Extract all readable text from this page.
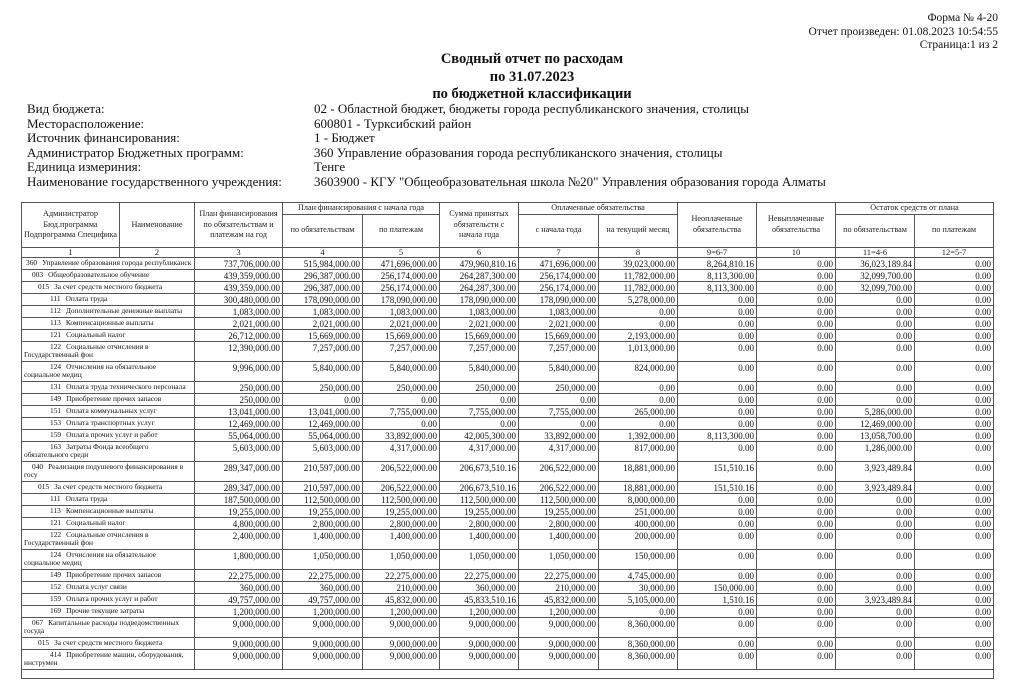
Форма № 4-20
Отчет произведен: 01.08.2023 10:54:55
Страница:1 из 2
Сводный отчет по расходам
по 31.07.2023
по бюджетной классификации
Вид бюджета:	02 - Областной бюджет, бюджеты города республиканского значения, столицы
Месторасположение:	600801 - Турксибский район
Источник финансирования:	1 - Бюджет
Администратор Бюджетных программ:	360 Управление образования города республиканского значения, столицы
Единица измериния:	Тенге
Наименование государственного учреждения:	3603900 - КГУ "Общеобразовательная школа №20" Управления образования города Алматы
Администратор Бюд.программа Подпрограмма Специфика	Наименование	План финансирования по обязательствам и платежам на год	План финансирования с начала года		Сумма принятых обязательсти с начала года	Оплаченные обязательства		Неоплаченные обязательства	Невыплаченные обязательства	Остаток средств от плана	
			по обязательствам	по платежам		с начала года	на текущий месяц			по обязательствам	по платежам
1	2	3	4	5	6	7	8	9=6-7	10	11=4-6	12=5-7
360 Управление образования города республиканск		737,706,000.00	515,984,000.00	471,696,000.00	479,960,810.16	471,696,000.00	39,023,000.00	8,264,810.16	0.00	36,023,189.84	0.00
003 Общеобразовательное обучение		439,359,000.00	296,387,000.00	256,174,000.00	264,287,300.00	256,174,000.00	11,782,000.00	8,113,300.00	0.00	32,099,700.00	0.00
015 За счет средств местного бюджета		439,359,000.00	296,387,000.00	256,174,000.00	264,287,300.00	256,174,000.00	11,782,000.00	8,113,300.00	0.00	32,099,700.00	0.00
111 Оплата труда		300,480,000.00	178,090,000.00	178,090,000.00	178,090,000.00	178,090,000.00	5,278,000.00	0.00	0.00	0.00	0.00
112 Дополнительные денежные выплаты		1,083,000.00	1,083,000.00	1,083,000.00	1,083,000.00	1,083,000.00	0.00	0.00	0.00	0.00	0.00
113 Компенсационные выплаты		2,021,000.00	2,021,000.00	2,021,000.00	2,021,000.00	2,021,000.00	0.00	0.00	0.00	0.00	0.00
121 Социальный налог		26,712,000.00	15,669,000.00	15,669,000.00	15,669,000.00	15,669,000.00	2,193,000.00	0.00	0.00	0.00	0.00
122 Социальные отчисления в Государственный фон		12,390,000.00	7,257,000.00	7,257,000.00	7,257,000.00	7,257,000.00	1,013,000.00	0.00	0.00	0.00	0.00
124 Отчисления на обязательное социальное медиц		9,996,000.00	5,840,000.00	5,840,000.00	5,840,000.00	5,840,000.00	824,000.00	0.00	0.00	0.00	0.00
131 Оплата труда технического персонала		250,000.00	250,000.00	250,000.00	250,000.00	250,000.00	0.00	0.00	0.00	0.00	0.00
149 Приобретение прочих запасов		250,000.00	0.00	0.00	0.00	0.00	0.00	0.00	0.00	0.00	0.00
151 Оплата коммунальных услуг		13,041,000.00	13,041,000.00	7,755,000.00	7,755,000.00	7,755,000.00	265,000.00	0.00	0.00	5,286,000.00	0.00
153 Оплата транспортных услуг		12,469,000.00	12,469,000.00	0.00	0.00	0.00	0.00	0.00	0.00	12,469,000.00	0.00
159 Оплата прочих услуг и работ		55,064,000.00	55,064,000.00	33,892,000.00	42,005,300.00	33,892,000.00	1,392,000.00	8,113,300.00	0.00	13,058,700.00	0.00
163 Затраты Фонда всеобщего обязательного среди		5,603,000.00	5,603,000.00	4,317,000.00	4,317,000.00	4,317,000.00	817,000.00	0.00	0.00	1,286,000.00	0.00
040 Реализация подушевого финансирования в госу		289,347,000.00	210,597,000.00	206,522,000.00	206,673,510.16	206,522,000.00	18,881,000.00	151,510.16	0.00	3,923,489.84	0.00
015 За счет средств местного бюджета		289,347,000.00	210,597,000.00	206,522,000.00	206,673,510.16	206,522,000.00	18,881,000.00	151,510.16	0.00	3,923,489.84	0.00
111 Оплата труда		187,500,000.00	112,500,000.00	112,500,000.00	112,500,000.00	112,500,000.00	8,000,000.00	0.00	0.00	0.00	0.00
113 Компенсационные выплаты		19,255,000.00	19,255,000.00	19,255,000.00	19,255,000.00	19,255,000.00	251,000.00	0.00	0.00	0.00	0.00
121 Социальный налог		4,800,000.00	2,800,000.00	2,800,000.00	2,800,000.00	2,800,000.00	400,000.00	0.00	0.00	0.00	0.00
122 Социальные отчисления в Государственный фон		2,400,000.00	1,400,000.00	1,400,000.00	1,400,000.00	1,400,000.00	200,000.00	0.00	0.00	0.00	0.00
124 Отчисления на обязательное социальное медиц		1,800,000.00	1,050,000.00	1,050,000.00	1,050,000.00	1,050,000.00	150,000.00	0.00	0.00	0.00	0.00
149 Приобретение прочих запасов		22,275,000.00	22,275,000.00	22,275,000.00	22,275,000.00	22,275,000.00	4,745,000.00	0.00	0.00	0.00	0.00
152 Оплата услуг связи		360,000.00	360,000.00	210,000.00	360,000.00	210,000.00	30,000.00	150,000.00	0.00	0.00	0.00
159 Оплата прочих услуг и работ		49,757,000.00	49,757,000.00	45,832,000.00	45,833,510.16	45,832,000.00	5,105,000.00	1,510.16	0.00	3,923,489.84	0.00
169 Прочие текущие затраты		1,200,000.00	1,200,000.00	1,200,000.00	1,200,000.00	1,200,000.00	0.00	0.00	0.00	0.00	0.00
067 Капитальные расходы подведомственных госуда		9,000,000.00	9,000,000.00	9,000,000.00	9,000,000.00	9,000,000.00	8,360,000.00	0.00	0.00	0.00	0.00
015 За счет средств местного бюджета		9,000,000.00	9,000,000.00	9,000,000.00	9,000,000.00	9,000,000.00	8,360,000.00	0.00	0.00	0.00	0.00
414 Приобретение машин, оборудования, инструмен		9,000,000.00	9,000,000.00	9,000,000.00	9,000,000.00	9,000,000.00	8,360,000.00	0.00	0.00	0.00	0.00
